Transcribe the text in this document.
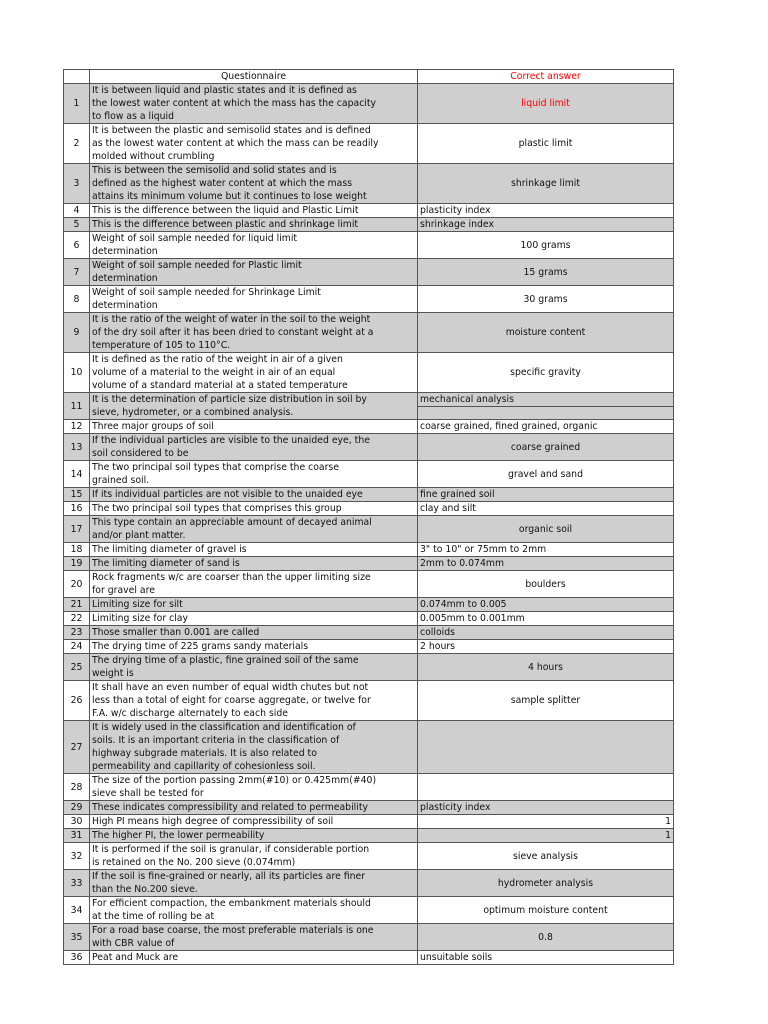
	Questionnaire	Correct answer
1	It is between liquid and plastic states and it is defined as
the lowest water content at which the mass has the capacity
to flow as a liquid	liquid limit
2	It is between the plastic and semisolid states and is defined
as the lowest water content at which the mass can be readily
molded without crumbling	plastic limit
3	This is between the semisolid and solid states and is
defined as the highest water content at which the mass
attains its minimum volume but it continues to lose weight	shrinkage limit
4	This is the difference between the liquid and Plastic Limit	plasticity index
5	This is the difference between plastic and shrinkage limit	shrinkage index
6	Weight of soil sample needed for liquid limit
determination	100 grams
7	Weight of soil sample needed for Plastic limit
determination	15 grams
8	Weight of soil sample needed for Shrinkage Limit
determination	30 grams
9	It is the ratio of the weight of water in the soil to the weight
of the dry soil after it has been dried to constant weight at a
temperature of 105 to 110°C.	moisture content
10	It is defined as the ratio of the weight in air of a given
volume of a material to the weight in air of an equal
volume of a standard material at a stated temperature	specific gravity
11	It is the determination of particle size distribution in soil by
sieve, hydrometer, or a combined analysis.	mechanical analysis

12	Three major groups of soil	coarse grained, fined grained, organic
13	If the individual particles are visible to the unaided eye, the
soil considered to be	coarse grained
14	The two principal soil types that comprise the coarse
grained soil.	gravel and sand
15	If its individual particles are not visible to the unaided eye	fine grained soil
16	The two principal soil types that comprises this group	clay and silt
17	This type contain an appreciable amount of decayed animal
and/or plant matter.	organic soil
18	The limiting diameter of gravel is	3" to 10" or 75mm to 2mm
19	The limiting diameter of sand is	2mm to 0.074mm
20	Rock fragments w/c are coarser than the upper limiting size
for gravel are	boulders
21	Limiting size for silt	0.074mm to 0.005
22	Limiting size for clay	0.005mm to 0.001mm
23	Those smaller than 0.001 are called	colloids
24	The drying time of 225 grams sandy materials	2 hours
25	The drying time of a plastic, fine grained soil of the same
weight is	4 hours
26	It shall have an even number of equal width chutes but not
less than a total of eight for coarse aggregate, or twelve for
F.A. w/c discharge alternately to each side	sample splitter
27	It is widely used in the classification and identification of
soils. It is an important criteria in the classification of
highway subgrade materials. It is also related to
permeability and capillarity of cohesionless soil.	

28	The size of the portion passing 2mm(#10) or 0.425mm(#40)
sieve shall be tested for	

29	These indicates compressibility and related to permeability	plasticity index
30	High PI means high degree of compressibility of soil	1
31	The higher PI, the lower permeability	1
32	It is performed if the soil is granular, if considerable portion
is retained on the No. 200 sieve (0.074mm)	sieve analysis
33	If the soil is fine-grained or nearly, all its particles are finer
than the No.200 sieve.	hydrometer analysis
34	For efficient compaction, the embankment materials should
at the time of rolling be at	optimum moisture content
35	For a road base coarse, the most preferable materials is one
with CBR value of	0.8
36	Peat and Muck are	unsuitable soils
